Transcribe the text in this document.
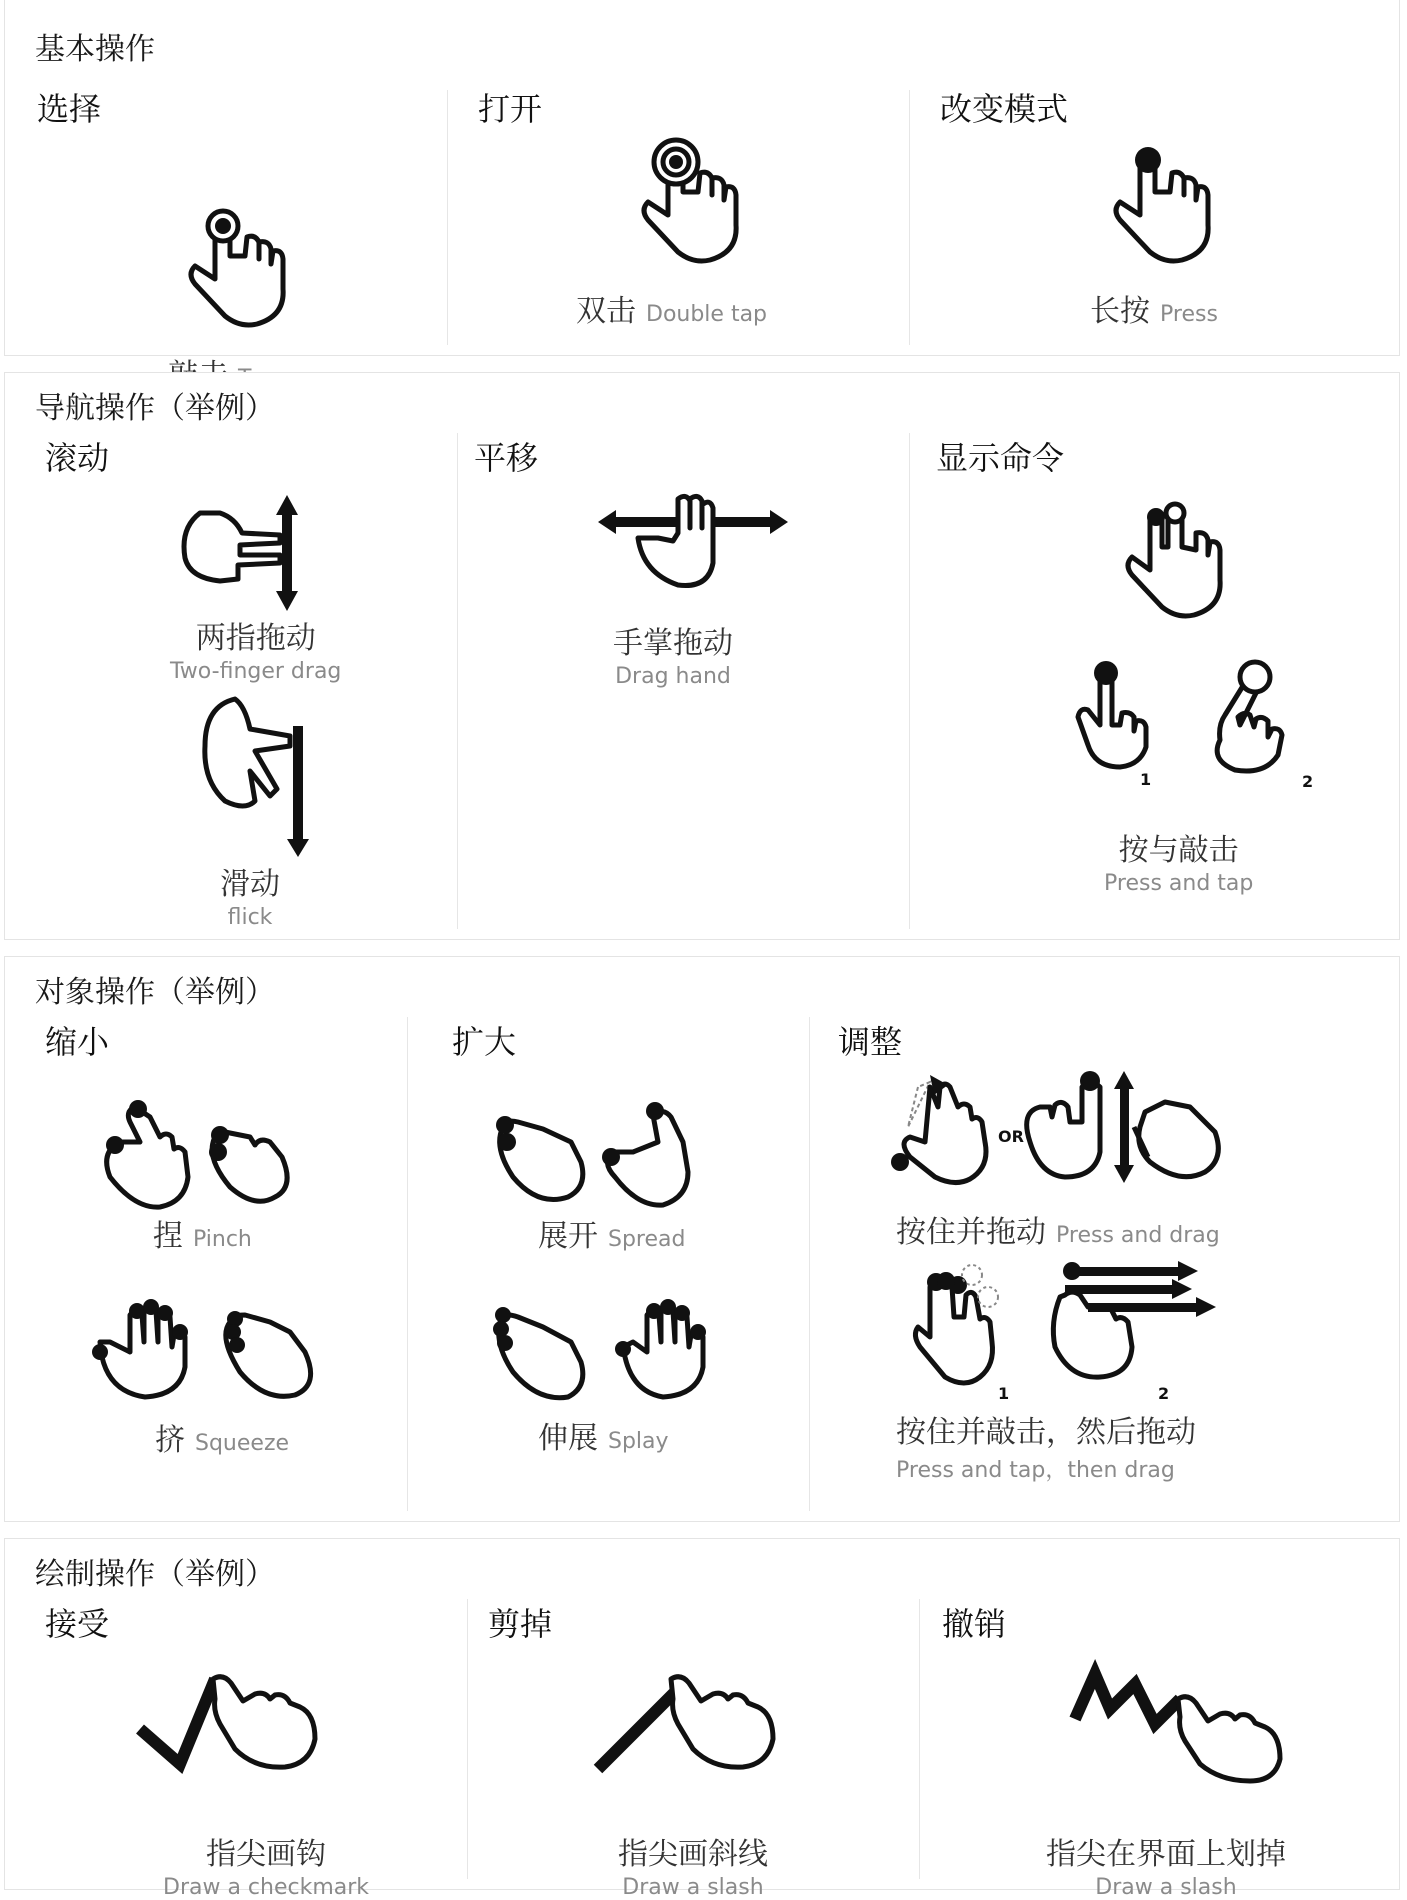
基本操作
选择	打开
双击 Double tap
改变模式
长按 Press
导航操作（举例）
滚动
两指拖动
Two-finger drag
滑动
flick
平移
手掌拖动
Drag hand
显示命令
1	2
按与敲击
Press and tap
对象操作（举例）
缩小
捏 Pinch
挤 Squeeze
扩大
展开 Spread
伸展 Splay
调整
OR
按住并拖动 Press and drag
1	2
按住并敲击，然后拖动
Press and tap，then drag
绘制操作（举例）
接受
指尖画钩
Draw a checkmark
剪掉
指尖画斜线
Draw a slash
撤销
指尖在界面上划掉
Draw a slash
